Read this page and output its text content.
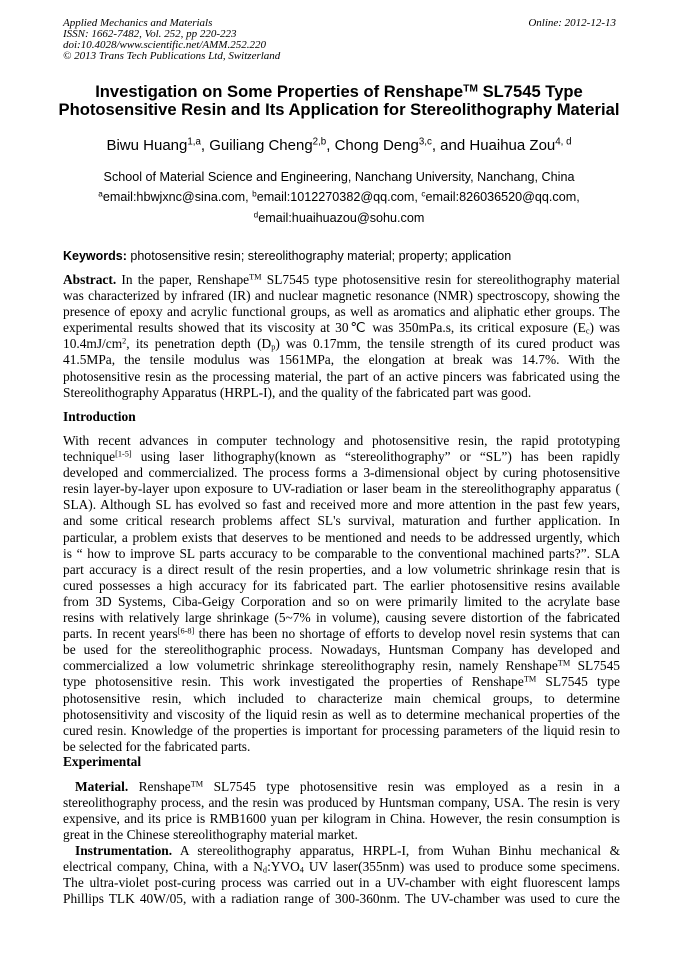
Applied Mechanics and Materials
ISSN: 1662-7482, Vol. 252, pp 220-223
doi:10.4028/www.scientific.net/AMM.252.220
© 2013 Trans Tech Publications Ltd, Switzerland
Online: 2012-12-13
Investigation on Some Properties of Renshape™ SL7545 Type
Photosensitive Resin and Its Application for Stereolithography Material
Biwu Huang$^{1,a}$, Guiliang Cheng$^{2,b}$, Chong Deng$^{3,c}$, and Huaihua Zou$^{4, d}$
School of Material Science and Engineering, Nanchang University, Nanchang, China
$^a$email:hbwjxnc@sina.com, $^b$email:1012270382@qq.com, $^c$email:826036520@qq.com,
$^d$email:huaihuazou@sohu.com
Keywords: photosensitive resin; stereolithography material; property; application
Abstract. In the paper, Renshape™ SL7545 type photosensitive resin for stereolithography material
was characterized by infrared (IR) and nuclear magnetic resonance (NMR) spectroscopy, showing the
presence of epoxy and acrylic functional groups, as well as aromatics and aliphatic ether groups. The
experimental results showed that its viscosity at 30℃ was 350mPa.s, its critical exposure $(E_c)$ was
$10.4mJ/cm^2$, its penetration depth $(D_p)$ was 0.17mm, the tensile strength of its cured product was
41.5MPa, the tensile modulus was 1561MPa, the elongation at break was 14.7%. With the
photosensitive resin as the processing material, the part of an active pincers was fabricated using the
Stereolithography Apparatus (HRPL-I), and the quality of the fabricated part was good.
Introduction
With recent advances in computer technology and photosensitive resin, the rapid prototyping
technique[1-5] using laser lithography(known as “stereolithography” or “SL”) has been rapidly
developed and commercialized. The process forms a 3-dimensional object by curing photosensitive
resin layer-by-layer upon exposure to UV-radiation or laser beam in the stereolithography apparatus (
SLA). Although SL has evolved so fast and received more and more attention in the past few years,
and some critical research problems affect SL's survival, maturation and further application. In
particular, a problem exists that deserves to be mentioned and needs to be addressed urgently, which
is “ how to improve SL parts accuracy to be comparable to the conventional machined parts?”. SLA
part accuracy is a direct result of the resin properties, and a low volumetric shrinkage resin that is
cured possesses a high accuracy for its fabricated part. The earlier photosensitive resins available
from 3D Systems, Ciba-Geigy Corporation and so on were primarily limited to the acrylate base
resins with relatively large shrinkage (5~7% in volume), causing severe distortion of the fabricated
parts. In recent years[6-8] there has been no shortage of efforts to develop novel resin systems that can
be used for the stereolithographic process. Nowadays, Huntsman Company has developed and
commercialized a low volumetric shrinkage stereolithography resin, namely Renshape™ SL7545
type photosensitive resin. This work investigated the properties of Renshape™ SL7545 type
photosensitive resin, which included to characterize main chemical groups, to determine
photosensitivity and viscosity of the liquid resin as well as to determine mechanical properties of the
cured resin. Knowledge of the properties is important for processing parameters of the liquid resin to
be selected for the fabricated parts.
Experimental
Material. Renshape™ SL7545 type photosensitive resin was employed as a resin in a
stereolithography process, and the resin was produced by Huntsman company, USA. The resin is very
expensive, and its price is RMB1600 yuan per kilogram in China. However, the resin consumption is
great in the Chinese stereolithography material market.
Instrumentation. A stereolithography apparatus, HRPL-I, from Wuhan Binhu mechanical &
electrical company, China, with a $N_d:YVO_4$ UV laser(355nm) was used to produce some specimens.
The ultra-violet post-curing process was carried out in a UV-chamber with eight fluorescent lamps
Phillips TLK 40W/05, with a radiation range of 300-360nm. The UV-chamber was used to cure the
